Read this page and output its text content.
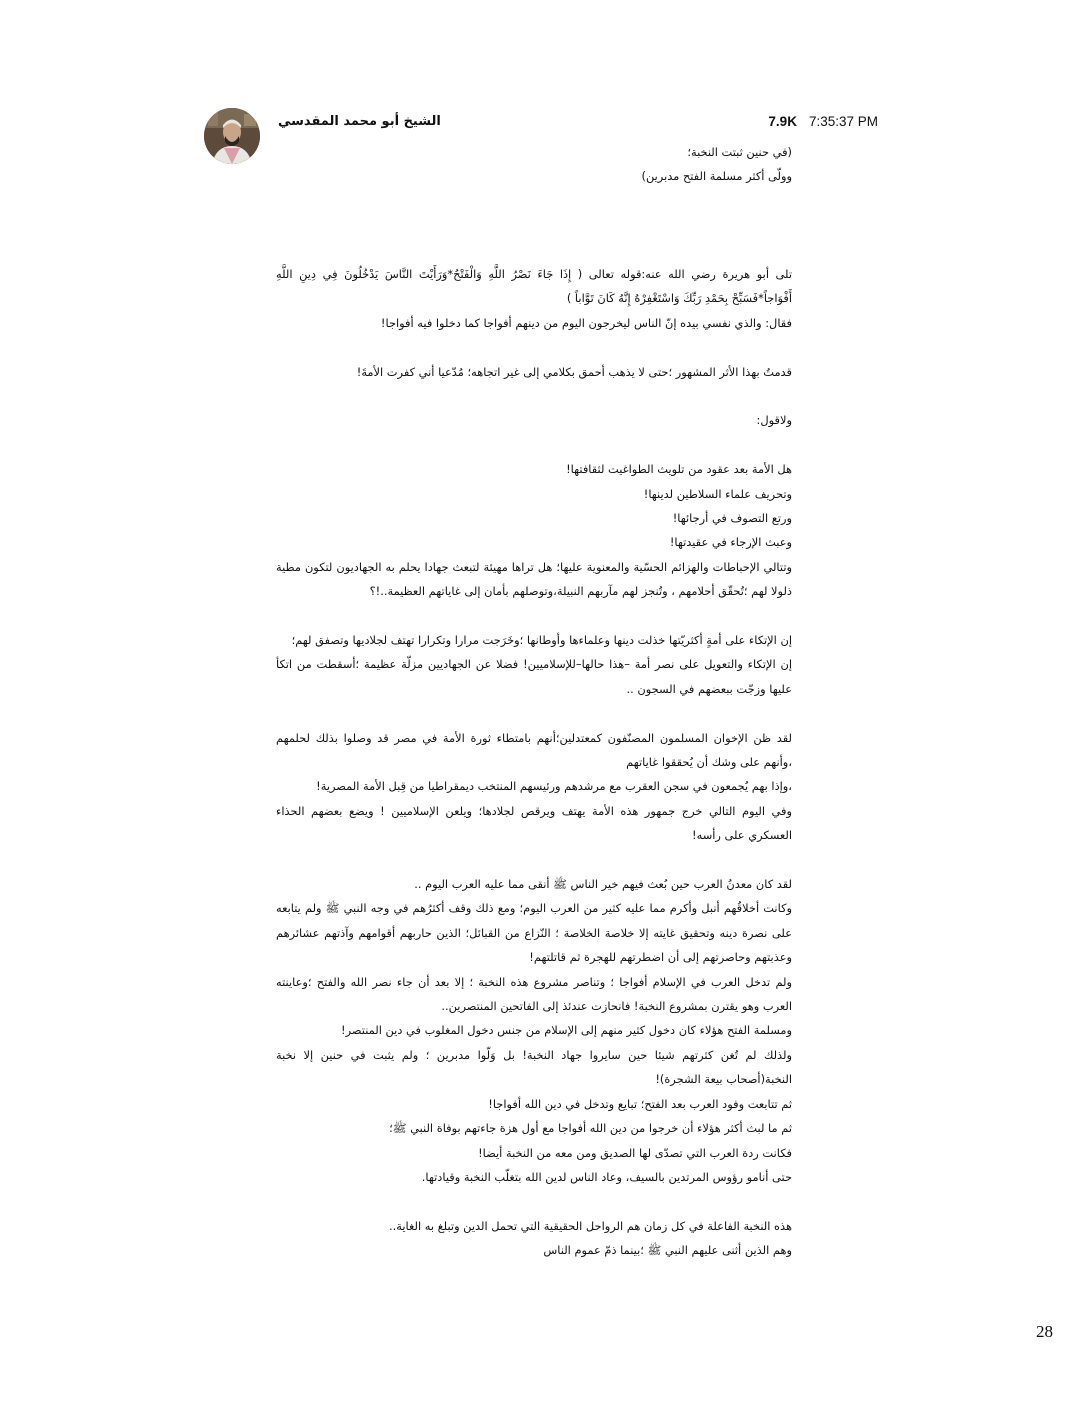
الشيخ أبو محمد المقدسي	7.9K 7:35:37 PM

(في حنين ثبتت النخبة؛

وولّى أكثر مسلمة الفتح مدبرين)

تلى أبو هريرة رضي الله عنه:قوله تعالى ( إِذَا جَاءَ نَصْرُ اللَّهِ وَالْفَتْحُ*وَرَأَيْتَ النَّاسَ يَدْخُلُونَ فِي دِينِ اللَّهِ أَفْوَاجاً*فَسَبِّحْ بِحَمْدِ رَبِّكَ وَاسْتَغْفِرْهُ إِنَّهُ كَانَ تَوَّاباً )

فقال: والذي نفسي بيده إنّ الناس ليخرجون اليوم من دينهم أفواجا كما دخلوا فيه أفواجا!

قدمتُ بهذا الأثر المشهور ؛حتى لا يذهب أحمق بكلامي إلى غير اتجاهه؛ مُدّعيا أني كفرت الأمةَ!

ولاقول:

هل الأمة بعد عقود من تلويث الطواغيت لثقافتها!

وتحريف علماء السلاطين لدينها!

ورتع التصوف في أرجائها!

وعبث الإرجاء في عقيدتها!

وتتالي الإحباطات والهزائم الحسّية والمعنوية عليها؛ هل تراها مهيئة لتبعث جهادا يحلم به الجهاديون لتكون مطية ذلولا لهم ؛تُحقّق أحلامهم ، وتُنجز لهم مآربهم النبيلة،وتوصلهم بأمان إلى غاياتهم العظيمة..!؟

إن الإتكاء على أمةٍ أكثريّتها خذلت دينها وعلماءها وأوطانها ؛وخَرَجت مرارا وتكرارا تهتف لجلاديها وتصفق لهم؛

إن الإتكاء والتعويل على نصر أمة –هذا حالها–للإسلاميين! فضلا عن الجهاديين مزلّة عظيمة ؛أسقطت من اتكأ عليها وزجّت ببعضهم في السجون ..

لقد ظن الإخوان المسلمون المصنّفون كمعتدلين؛أنهم بامتطاء ثورة الأمة في مصر قد وصلوا بذلك لحلمهم ،وأنهم على وشك أن يُحققوا غاياتهم

،وإذا بهم يُجمعون في سجن العقرب مع مرشدهم ورئيسهم المنتخب ديمقراطيا من قِبل الأمة المصرية!

وفي اليوم التالي خرج جمهور هذه الأمة يهتف ويرقص لجلادها؛ ويلعن الإسلاميين ! ويضع بعضهم الحذاء العسكري على رأسه!

لقد كان معدنُ العرب حين بُعث فيهم خير الناس ﷺ أنقى مما عليه العرب اليوم ..

وكانت أخلاقُهم أنبل وأكرم مما عليه كثير من العرب اليوم؛ ومع ذلك وقف أكثرُهم في وجه النبي ﷺ ولم يتابعه على نصرة دينه وتحقيق غايته إلا خلاصة الخلاصة ؛ النّزاع من القبائل؛ الذين حاربهم أقوامهم وآذتهم عشائرهم وعذبتهم وحاصرتهم إلى أن اضطرتهم للهجرة ثم قاتلتهم!

ولم تدخل العرب في الإسلام أفواجا ؛ وتناصر مشروع هذه النخبة ؛ إلا بعد أن جاء نصر الله والفتح ؛وعاينته العرب وهو يقترن بمشروع النخبة! فانحازت عندئذ إلى الفاتحين المنتصرين..

ومسلمة الفتح هؤلاء كان دخول كثير منهم إلى الإسلام من جنس دخول المغلوب في دين المنتصر!

ولذلك لم تُغن كثرتهم شيئا حين سايروا جهاد النخبة! بل وَلّوا مدبرين ؛ ولم يثبت في حنين إلا نخبة النخبة(أصحاب بيعة الشجرة)!

ثم تتابعت وفود العرب بعد الفتح؛ تبايع وتدخل في دين الله أفواجا!

ثم ما لبث أكثر هؤلاء أن خرجوا من دين الله أفواجا مع أول هزة جاءتهم بوفاة النبي ﷺ؛

فكانت ردة العرب التي تصدّى لها الصديق ومن معه من النخبة أيضا!

حتى أنامو رؤوس المرتدين بالسيف، وعاد الناس لدين الله بتغلّب النخبة وقيادتها.

هذه النخبة الفاعلة في كل زمان هم الرواحل الحقيقية التي تحمل الدين وتبلغ به الغاية..

وهم الذين أثنى عليهم النبي ﷺ ؛بينما ذمّ عموم الناس

28
